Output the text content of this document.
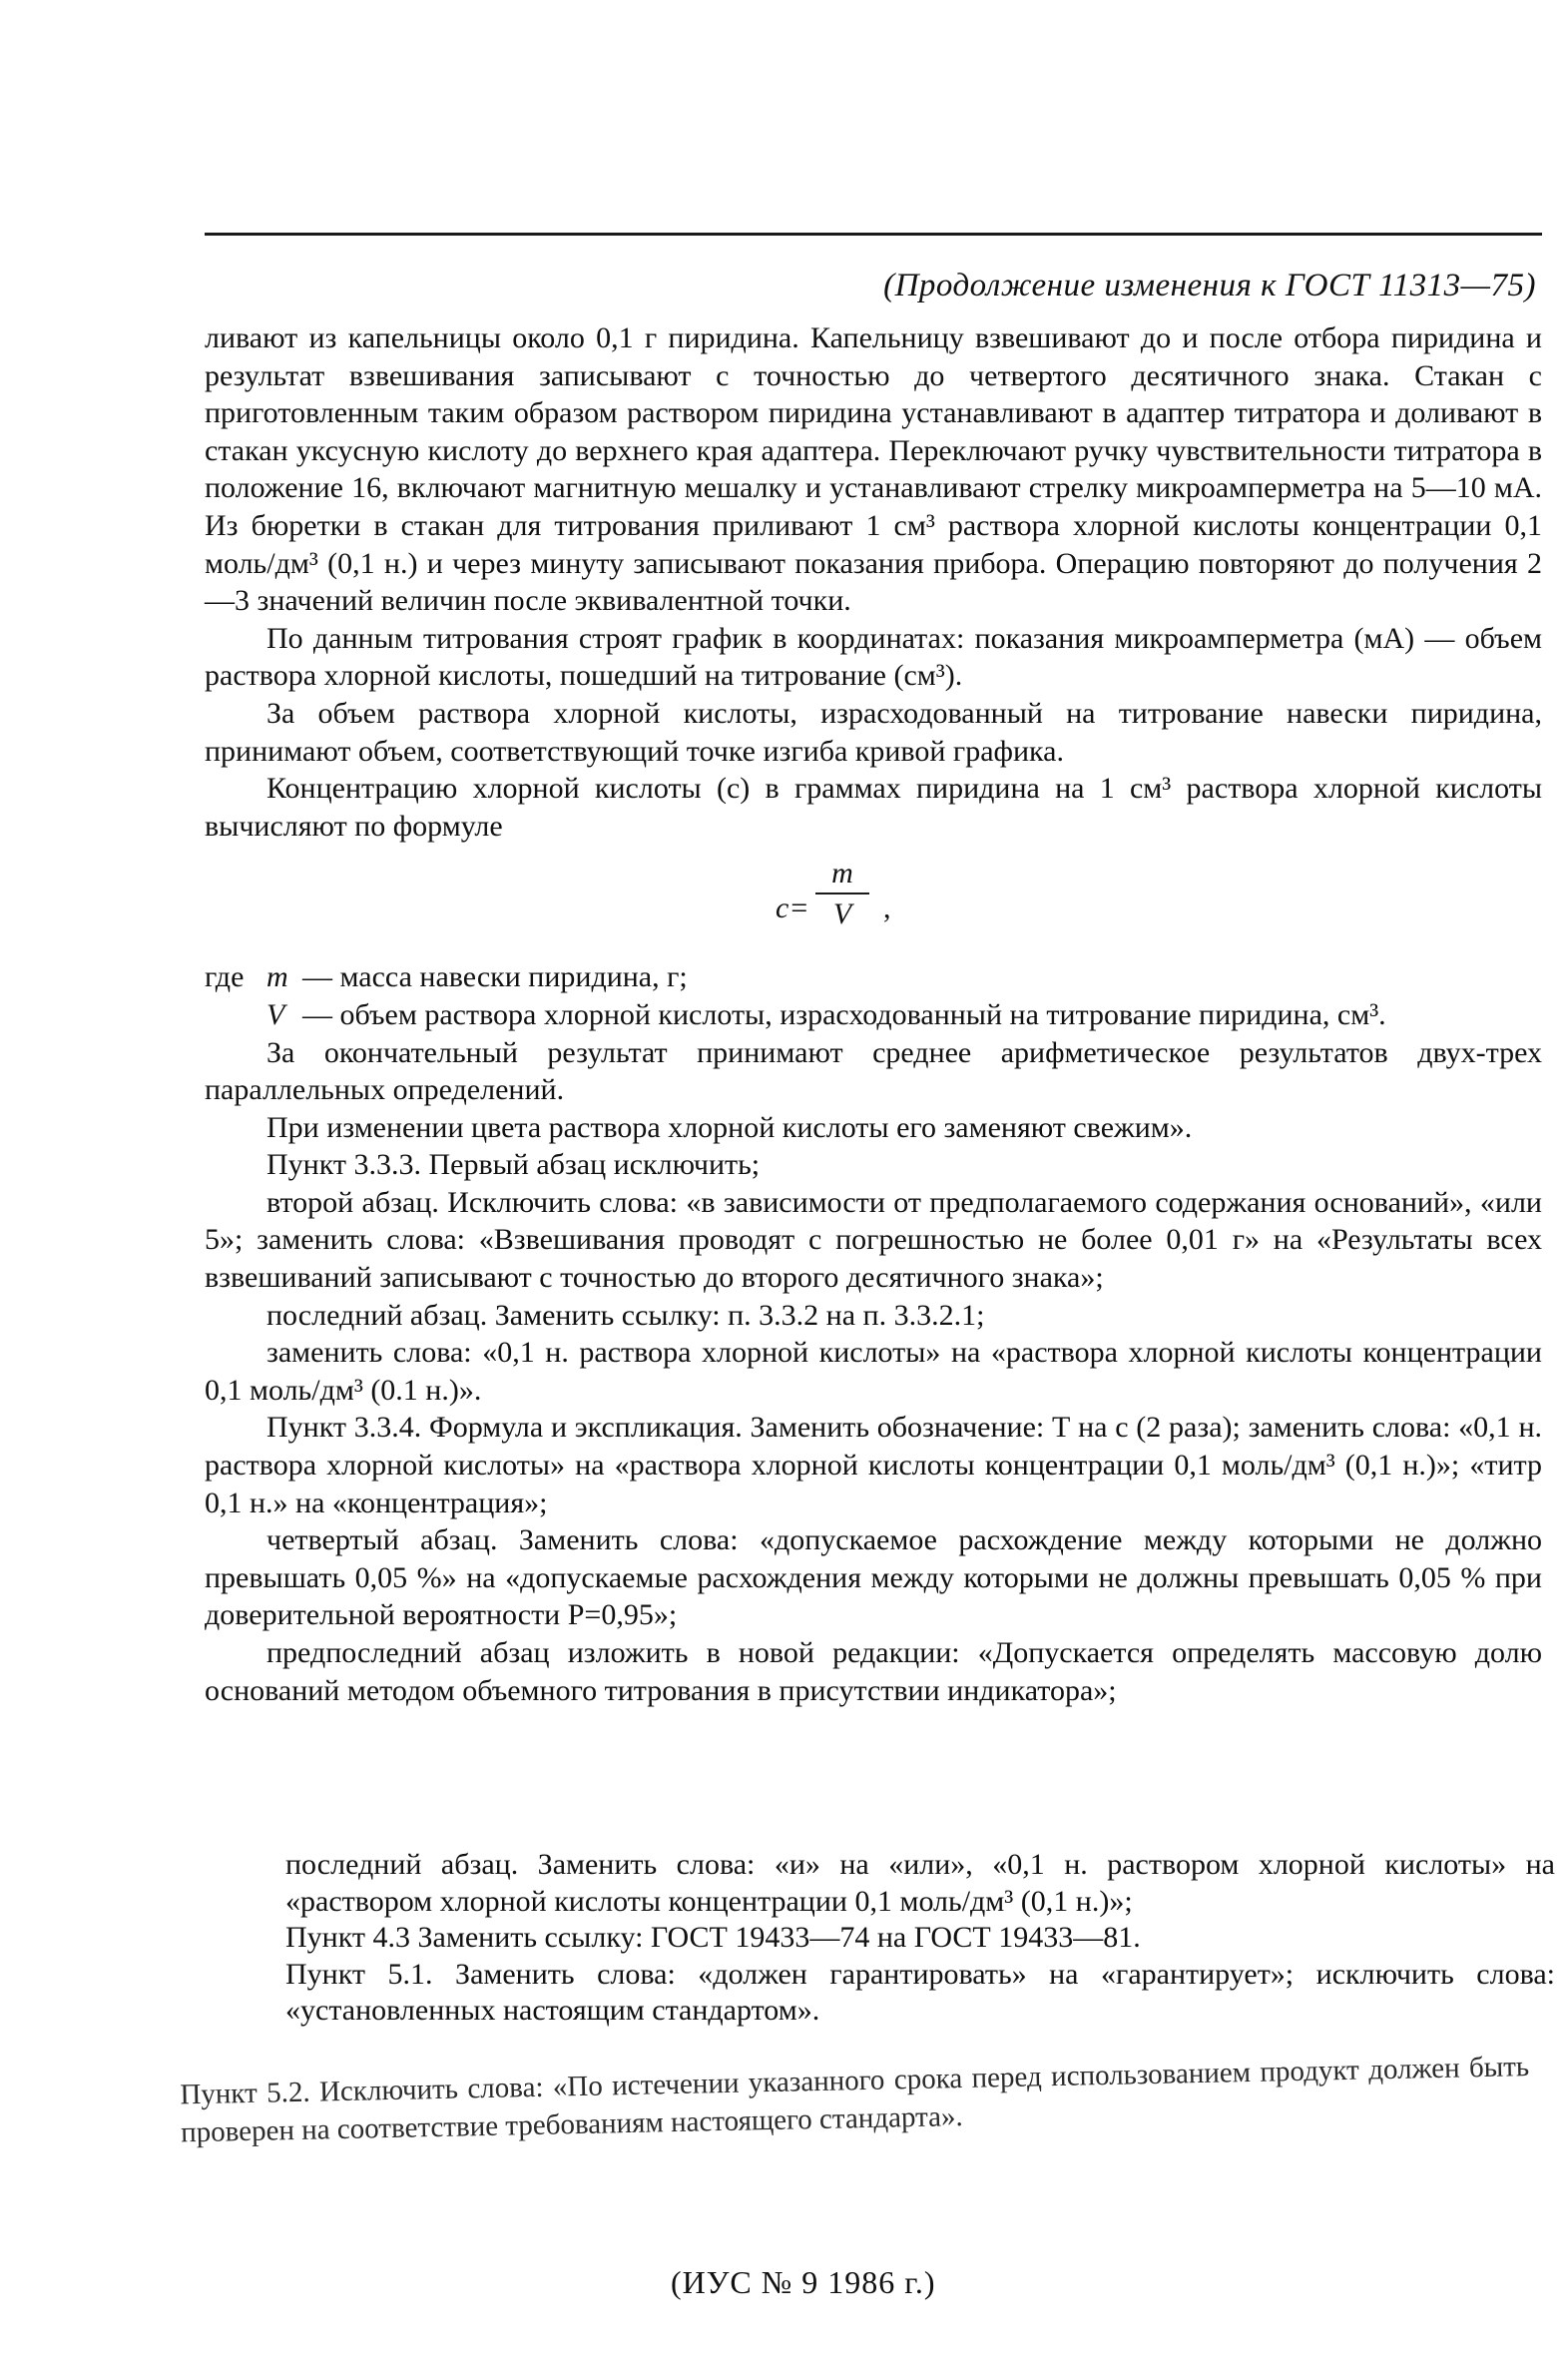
(Продолжение изменения к ГОСТ 11313—75)

ливают из капельницы около 0,1 г пиридина. Капельницу взвешивают до и после отбора пиридина и результат взвешивания записывают с точностью до четвертого десятичного знака. Стакан с приготовленным таким образом раствором пиридина устанавливают в адаптер титратора и доливают в стакан уксусную кислоту до верхнего края адаптера. Переключают ручку чувствительности титратора в положение 16, включают магнитную мешалку и устанавливают стрелку микроамперметра на 5—10 мА. Из бюретки в стакан для титрования приливают 1 см³ раствора хлорной кислоты концентрации 0,1 моль/дм³ (0,1 н.) и через минуту записывают показания прибора. Операцию повторяют до получения 2—3 значений величин после эквивалентной точки.

По данным титрования строят график в координатах: показания микроамперметра (мА) — объем раствора хлорной кислоты, пошедший на титрование (см³).

За объем раствора хлорной кислоты, израсходованный на титрование навески пиридина, принимают объем, соответствующий точке изгиба кривой графика.

Концентрацию хлорной кислоты (c) в граммах пиридина на 1 см³ раствора хлорной кислоты вычисляют по формуле

c=
m
V	,
где m — масса навески пиридина, г;
V — объем раствора хлорной кислоты, израсходованный на титрование пиридина, см³.

За окончательный результат принимают среднее арифметическое результатов двух-трех параллельных определений.

При изменении цвета раствора хлорной кислоты его заменяют свежим».

Пункт 3.3.3. Первый абзац исключить;

второй абзац. Исключить слова: «в зависимости от предполагаемого содержания оснований», «или 5»; заменить слова: «Взвешивания проводят с погрешностью не более 0,01 г» на «Результаты всех взвешиваний записывают с точностью до второго десятичного знака»;

последний абзац. Заменить ссылку: п. 3.3.2 на п. 3.3.2.1;

заменить слова: «0,1 н. раствора хлорной кислоты» на «раствора хлорной кислоты концентрации 0,1 моль/дм³ (0.1 н.)».

Пункт 3.3.4. Формула и экспликация. Заменить обозначение: Т на с (2 раза); заменить слова: «0,1 н. раствора хлорной кислоты» на «раствора хлорной кислоты концентрации 0,1 моль/дм³ (0,1 н.)»; «титр 0,1 н.» на «концентрация»;

четвертый абзац. Заменить слова: «допускаемое расхождение между которыми не должно превышать 0,05 %» на «допускаемые расхождения между которыми не должны превышать 0,05 % при доверительной вероятности P=0,95»;

предпоследний абзац изложить в новой редакции: «Допускается определять массовую долю оснований методом объемного титрования в присутствии индикатора»;

последний абзац. Заменить слова: «и» на «или», «0,1 н. раствором хлорной кислоты» на «раствором хлорной кислоты концентрации 0,1 моль/дм³ (0,1 н.)»;

Пункт 4.3 Заменить ссылку: ГОСТ 19433—74 на ГОСТ 19433—81.

Пункт 5.1. Заменить слова: «должен гарантировать» на «гарантирует»; исключить слова: «установленных настоящим стандартом».

Пункт 5.2. Исключить слова: «По истечении указанного срока перед использованием продукт должен быть проверен на соответствие требованиям настоящего стандарта».

(ИУС № 9 1986 г.)
